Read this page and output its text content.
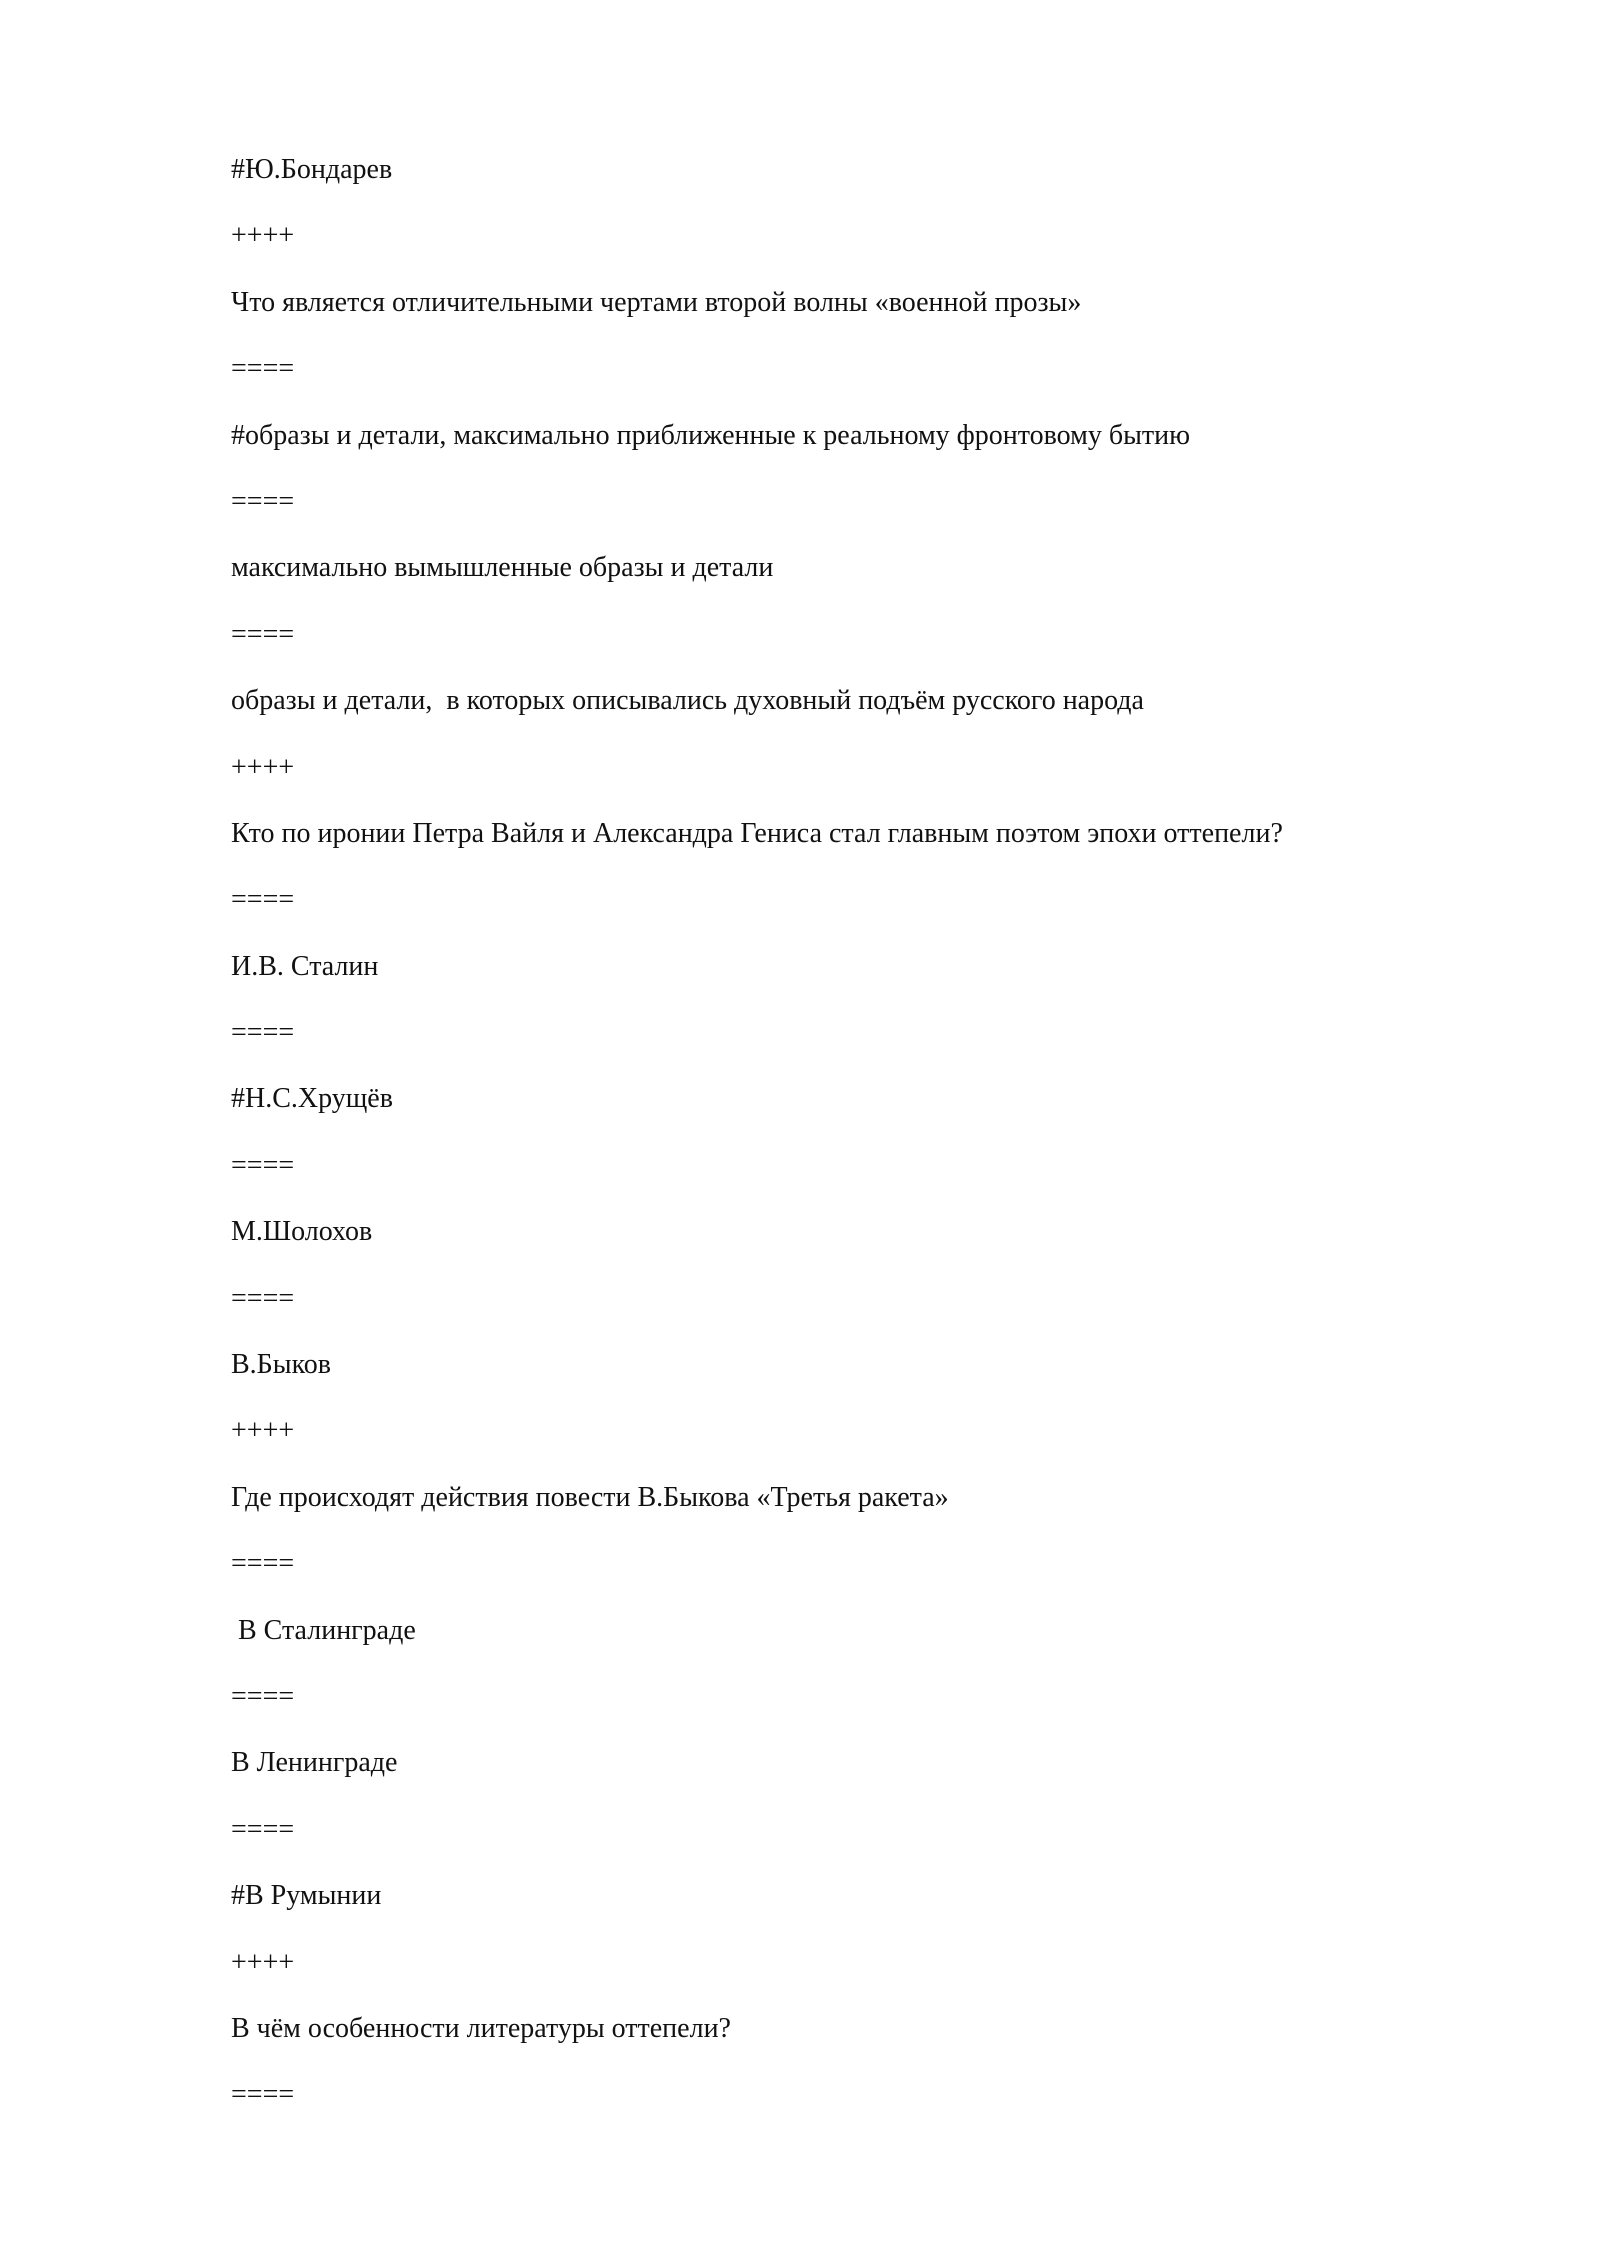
#Ю.Бондарев
++++
Что является отличительными чертами второй волны «военной прозы»
====
#образы и детали, максимально приближенные к реальному фронтовому бытию
====
максимально вымышленные образы и детали
====
образы и детали,  в которых описывались духовный подъём русского народа
++++
Кто по иронии Петра Вайля и Александра Гениса стал главным поэтом эпохи оттепели?
====
И.В. Сталин
====
#Н.С.Хрущёв
====
М.Шолохов
====
В.Быков
++++
Где происходят действия повести В.Быкова «Третья ракета»
====
В Сталинграде
====
В Ленинграде
====
#В Румынии
++++
В чём особенности литературы оттепели?
====
